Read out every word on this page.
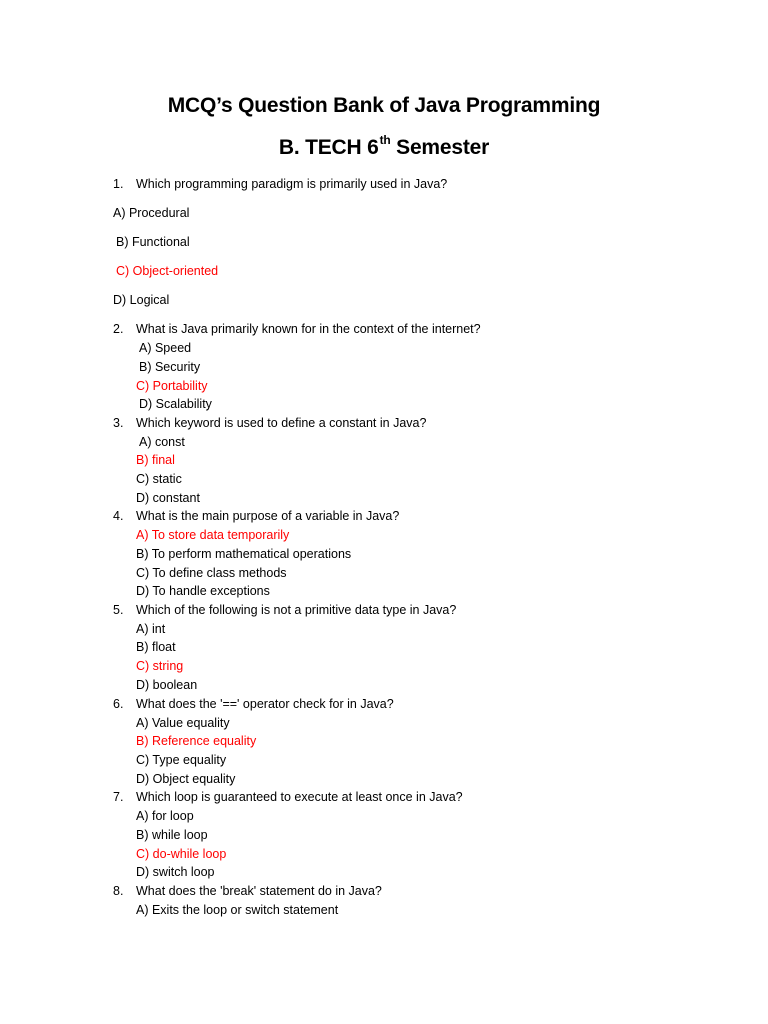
MCQ’s Question Bank of Java Programming
B. TECH 6th Semester
1. Which programming paradigm is primarily used in Java?
A) Procedural
B) Functional
C) Object-oriented
D) Logical
2. What is Java primarily known for in the context of the internet?
A) Speed
B) Security
C) Portability
D) Scalability
3. Which keyword is used to define a constant in Java?
A) const
B) final
C) static
D) constant
4. What is the main purpose of a variable in Java?
A) To store data temporarily
B) To perform mathematical operations
C) To define class methods
D) To handle exceptions
5. Which of the following is not a primitive data type in Java?
A) int
B) float
C) string
D) boolean
6. What does the '==' operator check for in Java?
A) Value equality
B) Reference equality
C) Type equality
D) Object equality
7. Which loop is guaranteed to execute at least once in Java?
A) for loop
B) while loop
C) do-while loop
D) switch loop
8. What does the 'break' statement do in Java?
A) Exits the loop or switch statement
